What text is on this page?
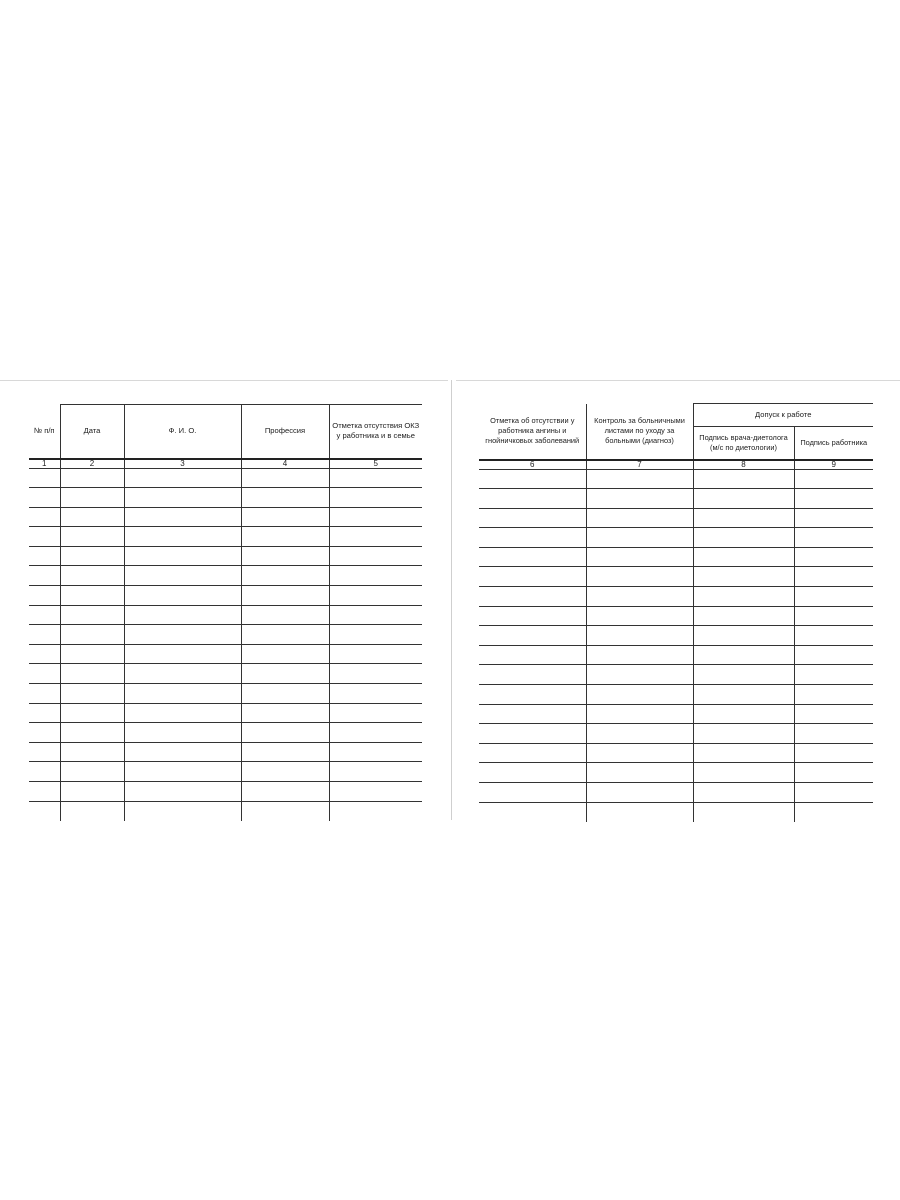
№ п/п	Дата	Ф. И. О.	Профессия	Отметка отсутствия ОКЗ у работника и в семье
1	2	3	4	5

Отметка об отсутствии у работника ангины и гнойничковых заболеваний	Контроль за больничными листами по уходу за больными (диагноз)	Допуск к работе	
		Подпись врача-диетолога (м/с по диетологии)	Подпись работника
6	7	8	9
